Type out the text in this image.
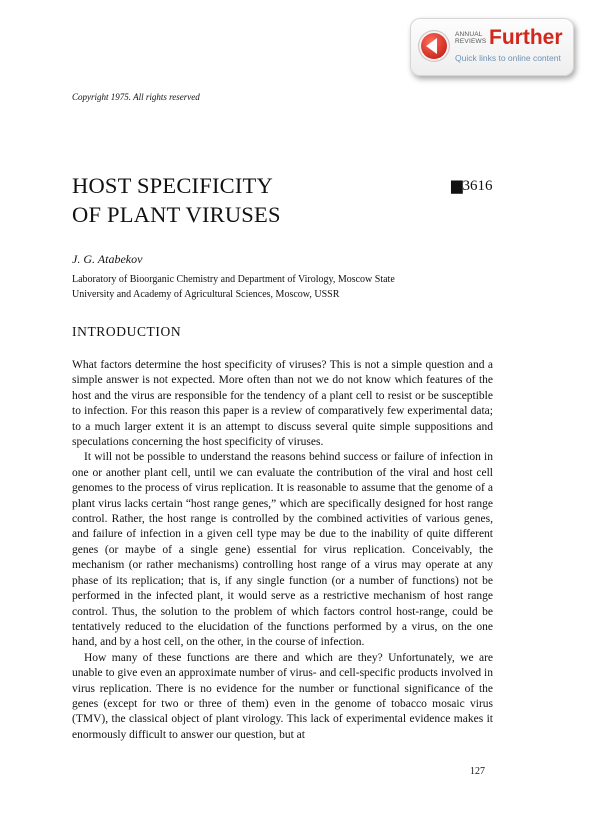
ANNUAL
REVIEWS Further
Quick links to online content
Copyright 1975. All rights reserved
HOST SPECIFICITY
OF PLANT VIRUSES
▆3616
J. G. Atabekov
Laboratory of Bioorganic Chemistry and Department of Virology, Moscow State
University and Academy of Agricultural Sciences, Moscow, USSR
INTRODUCTION

What factors determine the host specificity of viruses? This is not a simple question and a simple answer is not expected. More often than not we do not know which features of the host and the virus are responsible for the tendency of a plant cell to resist or be susceptible to infection. For this reason this paper is a review of comparatively few experimental data; to a much larger extent it is an attempt to discuss several quite simple suppositions and speculations concerning the host specificity of viruses.

It will not be possible to understand the reasons behind success or failure of infection in one or another plant cell, until we can evaluate the contribution of the viral and host cell genomes to the process of virus replication. It is reasonable to assume that the genome of a plant virus lacks certain “host range genes,” which are specifically designed for host range control. Rather, the host range is controlled by the combined activities of various genes, and failure of infection in a given cell type may be due to the inability of quite different genes (or maybe of a single gene) essential for virus replication. Conceivably, the mechanism (or rather mechanisms) controlling host range of a virus may operate at any phase of its replication; that is, if any single function (or a number of functions) not be performed in the infected plant, it would serve as a restrictive mechanism of host range control. Thus, the solution to the problem of which factors control host-range, could be tentatively reduced to the elucidation of the functions performed by a virus, on the one hand, and by a host cell, on the other, in the course of infection.

How many of these functions are there and which are they? Unfortunately, we are unable to give even an approximate number of virus- and cell-specific products involved in virus replication. There is no evidence for the number or functional significance of the genes (except for two or three of them) even in the genome of tobacco mosaic virus (TMV), the classical object of plant virology. This lack of experimental evidence makes it enormously difficult to answer our question, but at

127
